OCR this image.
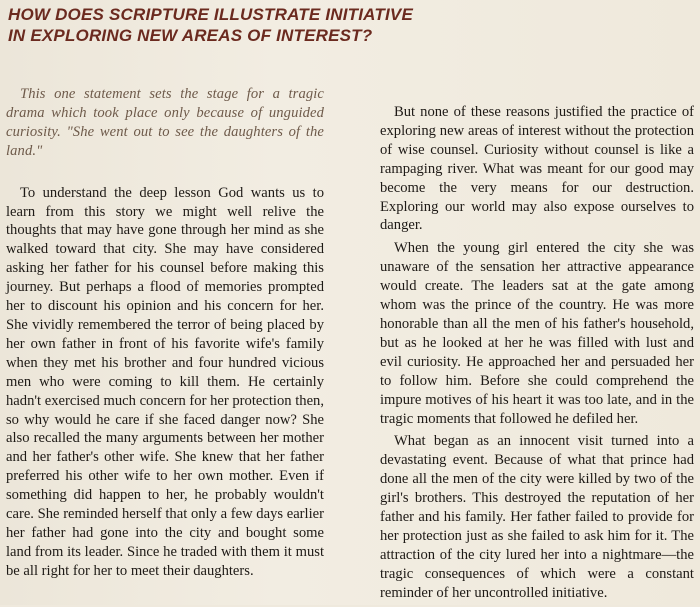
HOW DOES SCRIPTURE ILLUSTRATE INITIATIVE
IN EXPLORING NEW AREAS OF INTEREST?

This one statement sets the stage for a tragic drama which took place only because of unguided curiosity. "She went out to see the daughters of the land."

To understand the deep lesson God wants us to learn from this story we might well relive the thoughts that may have gone through her mind as she walked toward that city. She may have considered asking her father for his counsel before making this journey. But perhaps a flood of memories prompted her to discount his opinion and his concern for her. She vividly remembered the terror of being placed by her own father in front of his favorite wife's family when they met his brother and four hundred vicious men who were coming to kill them. He certainly hadn't exercised much concern for her protection then, so why would he care if she faced danger now? She also recalled the many arguments between her mother and her father's other wife. She knew that her father preferred his other wife to her own mother. Even if something did happen to her, he probably wouldn't care. She reminded herself that only a few days earlier her father had gone into the city and bought some land from its leader. Since he traded with them it must be all right for her to meet their daughters.

But none of these reasons justified the practice of exploring new areas of interest without the protection of wise counsel. Curiosity without counsel is like a rampaging river. What was meant for our good may become the very means for our destruction. Exploring our world may also expose ourselves to danger.

When the young girl entered the city she was unaware of the sensation her attractive appearance would create. The leaders sat at the gate among whom was the prince of the country. He was more honorable than all the men of his father's household, but as he looked at her he was filled with lust and evil curiosity. He approached her and persuaded her to follow him. Before she could comprehend the impure motives of his heart it was too late, and in the tragic moments that followed he defiled her.

What began as an innocent visit turned into a devastating event. Because of what that prince had done all the men of the city were killed by two of the girl's brothers. This destroyed the reputation of her father and his family. Her father failed to provide for her protection just as she failed to ask him for it. The attraction of the city lured her into a nightmare—the tragic consequences of which were a constant reminder of her uncontrolled initiative.
